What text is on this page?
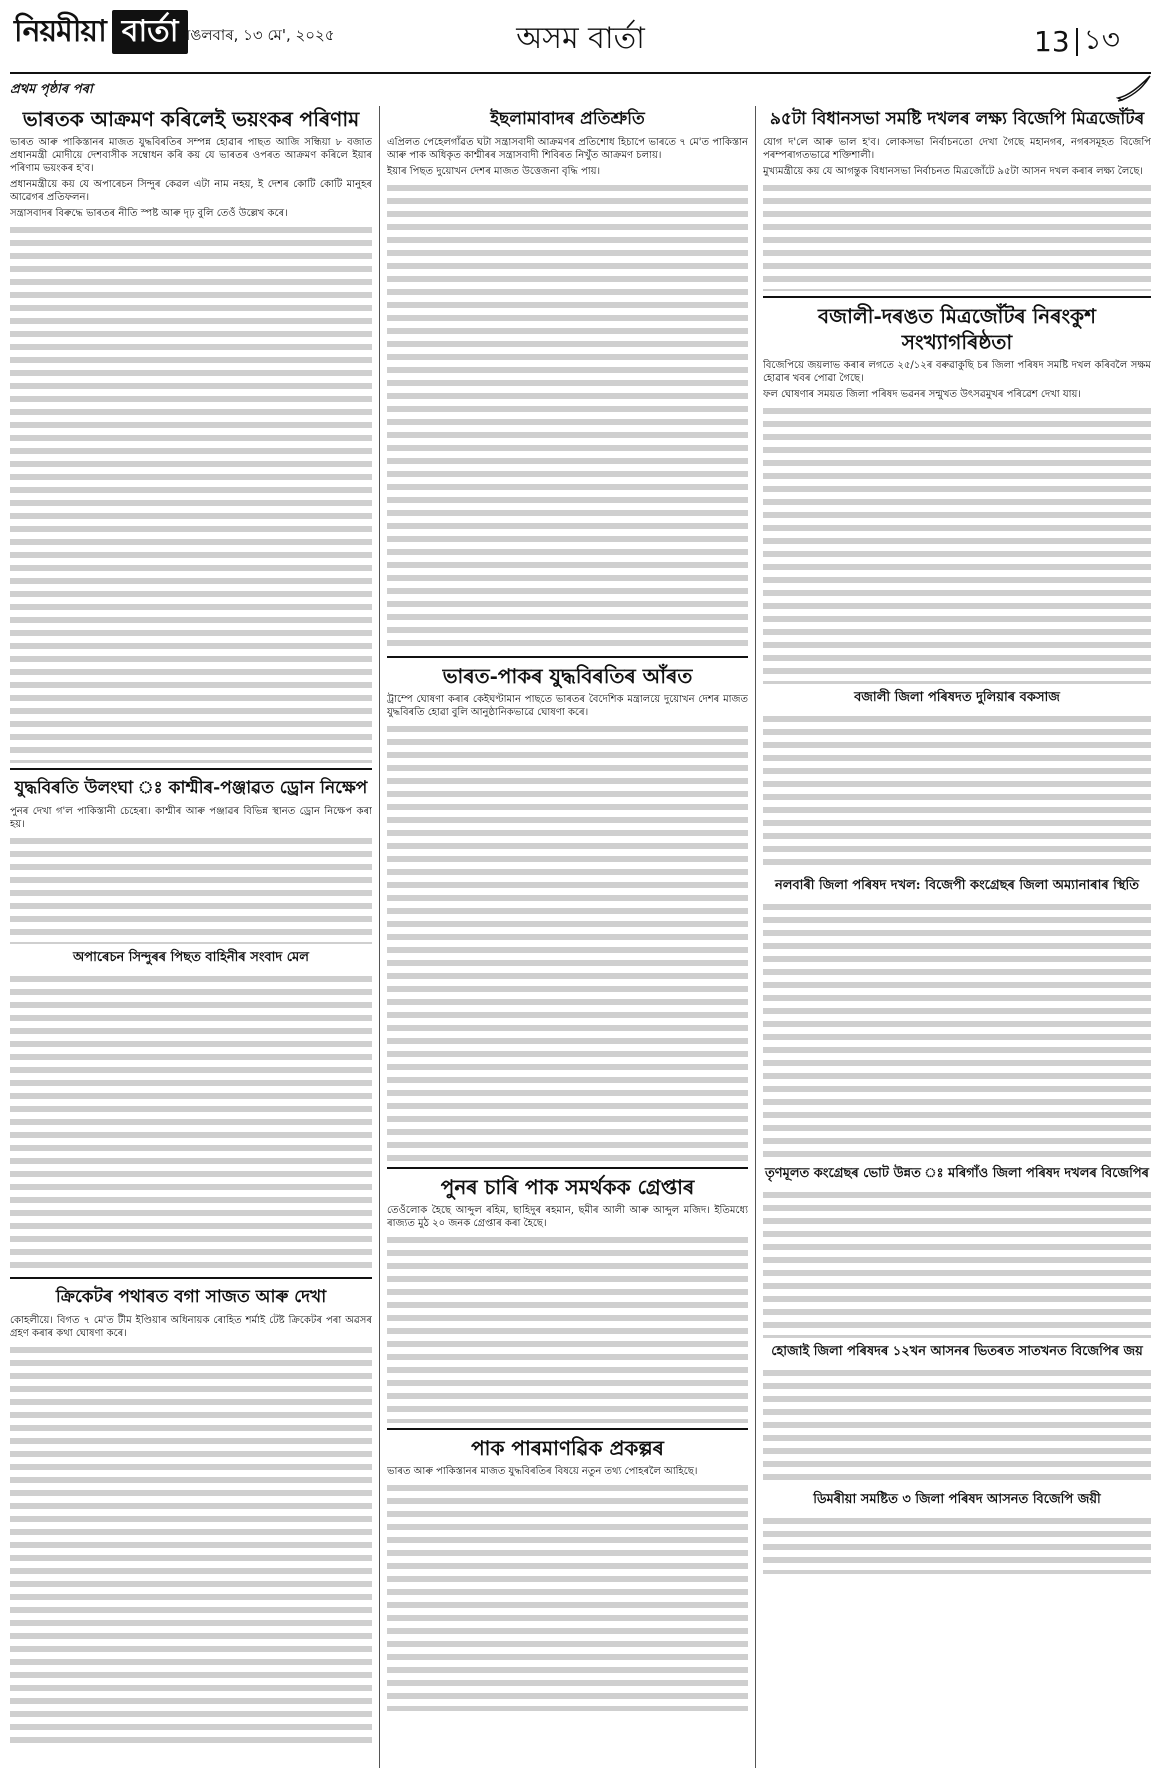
নিয়মীয়া বার্তা মঙলবাৰ, ১৩ মে', ২০২৫	অসম বাৰ্তা	13 ১৩
প্ৰথম পৃষ্ঠাৰ পৰা
ভাৰতক আক্ৰমণ কৰিলেই ভয়ংকৰ পৰিণাম

ভাৰত আৰু পাকিস্তানৰ মাজত যুদ্ধবিৰতিৰ সম্পন্ন হোৱাৰ পাছত আজি সন্ধিয়া ৮ বজাত প্ৰধানমন্ত্ৰী মোদীয়ে দেশবাসীক সম্বোধন কৰি কয় যে ভাৰতৰ ওপৰত আক্ৰমণ কৰিলে ইয়াৰ পৰিণাম ভয়ংকৰ হ'ব।

প্ৰধানমন্ত্ৰীয়ে কয় যে অপাৰেচন সিন্দুৰ কেৱল এটা নাম নহয়, ই দেশৰ কোটি কোটি মানুহৰ আৱেগৰ প্ৰতিফলন।

সন্ত্ৰাসবাদৰ বিৰুদ্ধে ভাৰতৰ নীতি স্পষ্ট আৰু দৃঢ় বুলি তেওঁ উল্লেখ কৰে।

যুদ্ধবিৰতি উলংঘা ঃ কাশ্মীৰ-পঞ্জাৱত ড্ৰোন নিক্ষেপ

পুনৰ দেখা গ'ল পাকিস্তানী চেহেৰা। কাশ্মীৰ আৰু পঞ্জাৱৰ বিভিন্ন স্থানত ড্ৰোন নিক্ষেপ কৰা হয়।

অপাৰেচন সিন্দুৰৰ পিছত বাহিনীৰ সংবাদ মেল
ক্ৰিকেটৰ পথাৰত বগা সাজত আৰু দেখা

কোহলীয়ে। বিগত ৭ মে'ত টীম ইণ্ডিয়াৰ অধিনায়ক ৰোহিত শৰ্মাই টেষ্ট ক্ৰিকেটৰ পৰা অৱসৰ গ্ৰহণ কৰাৰ কথা ঘোষণা কৰে।

ইছলামাবাদৰ প্ৰতিশ্ৰুতি

এপ্ৰিলত পেহেলগাঁৱত ঘটা সন্ত্ৰাসবাদী আক্ৰমণৰ প্ৰতিশোধ হিচাপে ভাৰতে ৭ মে'ত পাকিস্তান আৰু পাক অধিকৃত কাশ্মীৰৰ সন্ত্ৰাসবাদী শিবিৰত নিখুঁত আক্ৰমণ চলায়।

ইয়াৰ পিছত দুয়োখন দেশৰ মাজত উত্তেজনা বৃদ্ধি পায়।

ভাৰত-পাকৰ যুদ্ধবিৰতিৰ আঁৰত

ট্ৰাম্পে ঘোষণা কৰাৰ কেইঘণ্টামান পাছতে ভাৰতৰ বৈদেশিক মন্ত্ৰালয়ে দুয়োখন দেশৰ মাজত যুদ্ধবিৰতি হোৱা বুলি আনুষ্ঠানিকভাৱে ঘোষণা কৰে।

পুনৰ চাৰি পাক সমৰ্থকক গ্ৰেপ্তাৰ

তেওঁলোক হৈছে আব্দুল ৰহিম, ছাহিদুৰ ৰহমান, ছমীৰ আলী আৰু আব্দুল মজিদ। ইতিমধ্যে ৰাজ্যত মুঠ ২০ জনক গ্ৰেপ্তাৰ কৰা হৈছে।

পাক পাৰমাণৱিক প্ৰকল্পৰ

ভাৰত আৰু পাকিস্তানৰ মাজত যুদ্ধবিৰতিৰ বিষয়ে নতুন তথ্য পোহৰলৈ আহিছে।

৯৫টা বিধানসভা সমষ্টি দখলৰ লক্ষ্য বিজেপি মিত্ৰজোঁটৰ

যোগ দ'লে আৰু ভাল হ'ব। লোকসভা নিৰ্বাচনতো দেখা গৈছে মহানগৰ, নগৰসমূহত বিজেপি পৰম্পৰাগতভাৱে শক্তিশালী।

মুখ্যমন্ত্ৰীয়ে কয় যে আগন্তুক বিধানসভা নিৰ্বাচনত মিত্ৰজোঁটে ৯৫টা আসন দখল কৰাৰ লক্ষ্য লৈছে।

বজালী-দৰঙত মিত্ৰজোঁটৰ নিৰংকুশ সংখ্যাগৰিষ্ঠতা

বিজেপিয়ে জয়লাভ কৰাৰ লগতে ২৫/১২ৰ বৰুৱাকুছি চৰ জিলা পৰিষদ সমষ্টি দখল কৰিবলৈ সক্ষম হোৱাৰ খবৰ পোৱা গৈছে।

ফল ঘোষণাৰ সময়ত জিলা পৰিষদ ভৱনৰ সন্মুখত উৎসৱমুখৰ পৰিৱেশ দেখা যায়।

বজালী জিলা পৰিষদত দুলিয়াৰ বকসাজ
নলবাৰী জিলা পৰিষদ দখল: বিজেপী কংগ্ৰেছৰ জিলা অম্যানাৰাৰ স্থিতি
তৃণমূলত কংগ্ৰেছৰ ভোট উন্নত ঃ মৰিগাঁও জিলা পৰিষদ দখলৰ বিজেপিৰ
হোজাই জিলা পৰিষদৰ ১২খন আসনৰ ভিতৰত সাতখনত বিজেপিৰ জয়
ডিমৰীয়া সমষ্টিত ৩ জিলা পৰিষদ আসনত বিজেপি জয়ী
